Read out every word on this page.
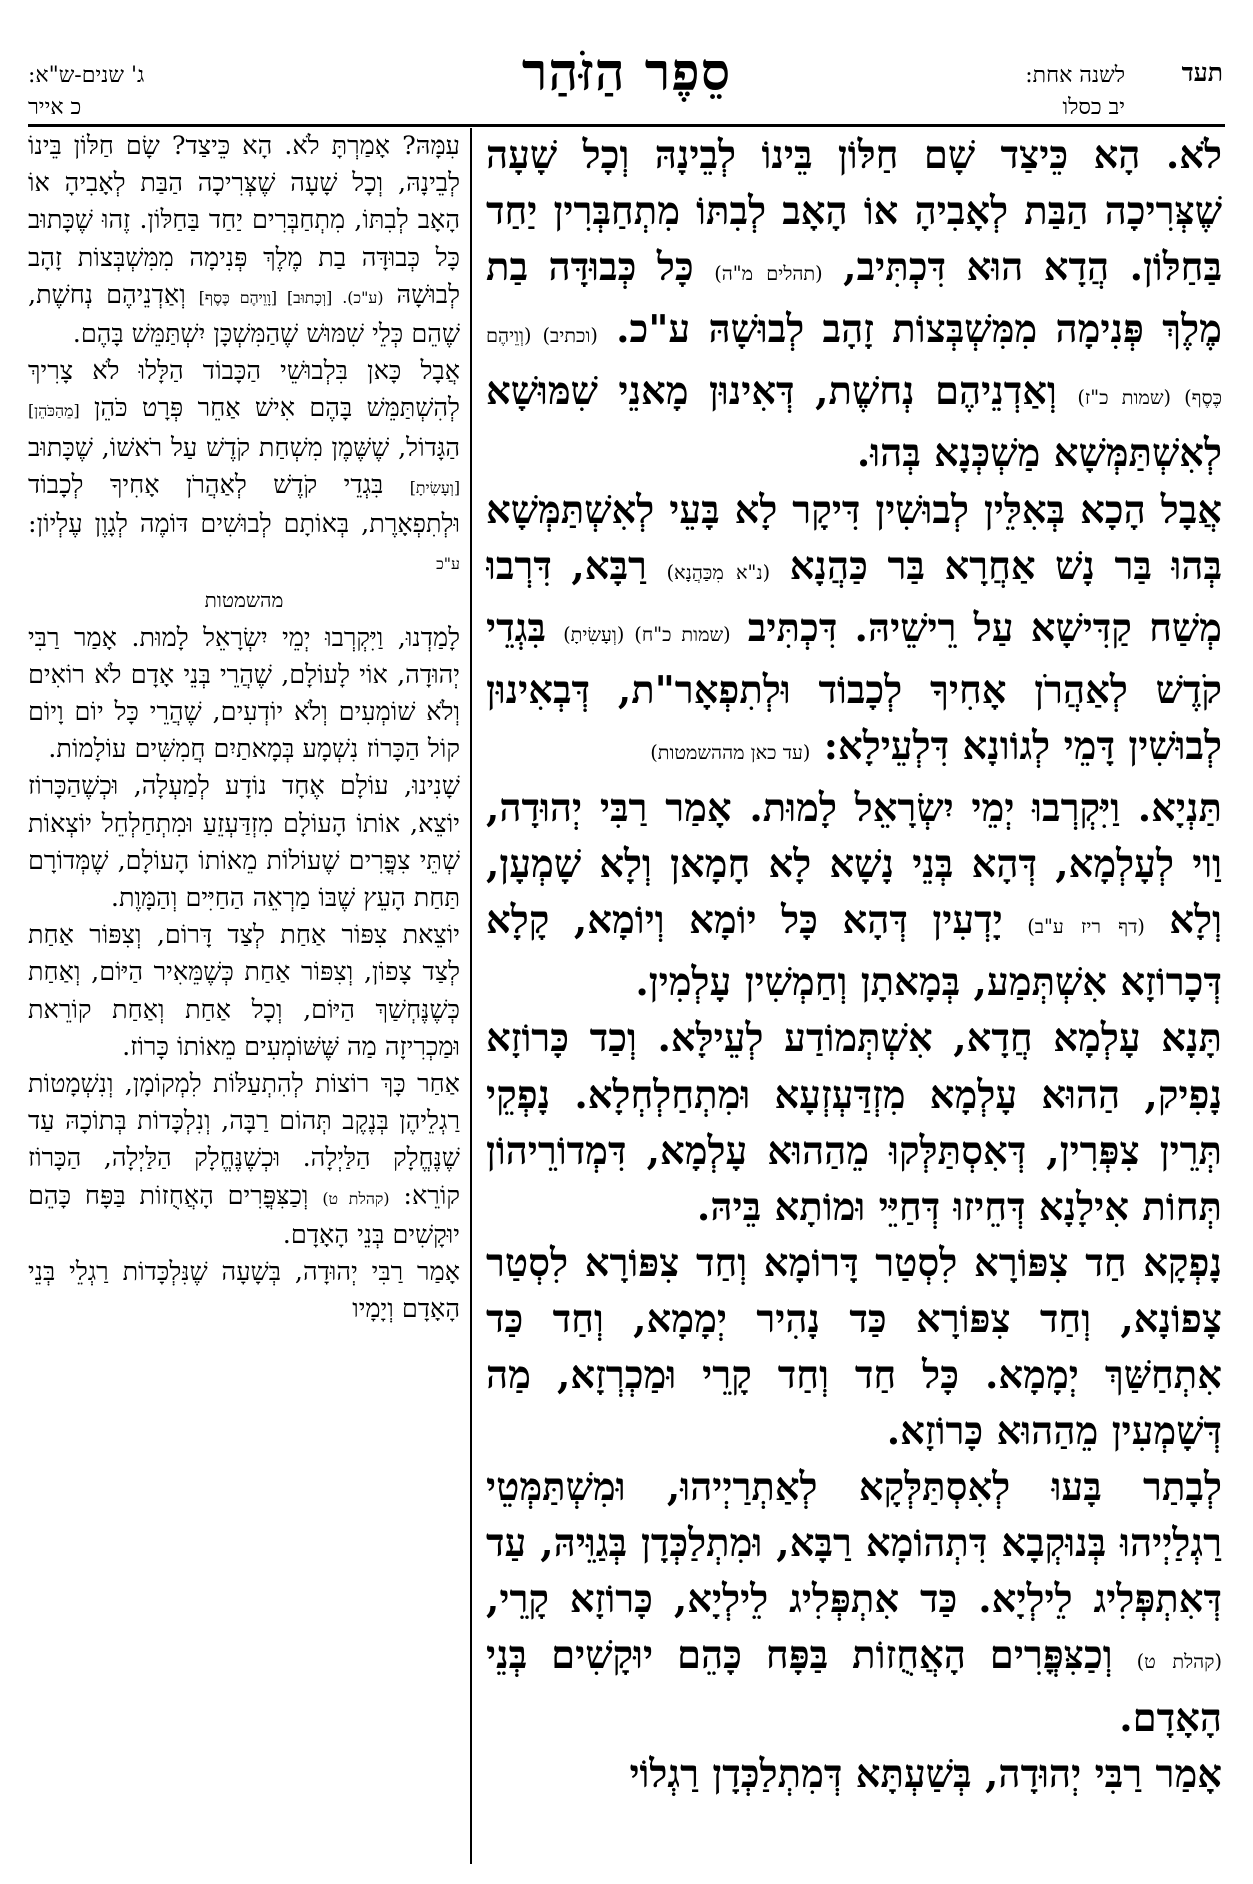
תעד
לשנה אחת:
יב כסלו
סֵפֶר הַזֹּהַר
ג' שנים-ש"א:
כ אייר

לֹא. הָא כֵּיצַד שָׁם חַלּוֹן בֵּינוֹ לְבֵינָהּ וְכָל שָׁעָה שֶׁצְּרִיכָה הַבַּת לְאָבִיהָ אוֹ הָאָב לְבִתּוֹ מִתְחַבְּרִין יַחַד בַּחַלּוֹן. הֲדָא הוּא דִּכְתִּיב, (תהלים מ"ה) כָּל כְּבוּדָּה בַת מֶלֶךְ פְּנִימָה מִמִּשְׁבְּצוֹת זָהָב לְבוּשָׁהּ ע"כ. (וכתיב) (וְוֵיהֶם כֶּסֶף) (שמות כ"ז) וְאַדְנֵיהֶם נְחשֶׁת, דְּאִינוּן מָאנֵי שִׁמּוּשָׁא לְאִשְׁתַּמְּשָׁא מַשְׁכְּנָא בְּהוּ.

אֲבָל הָכָא בְּאִלֵּין לְבוּשִׁין דִּיקָר לָא בָּעֵי לְאִשְׁתַּמְּשָׁא בְּהוּ בַּר נָשׁ אַחֲרָא בַּר כַּהֲנָא (נ"א מִכַּהֲנָא) רַבָּא, דִּרְבוּ מְשַׁח קַדִּישָׁא עַל רֵישֵׁיהּ. דִּכְתִּיב (שמות כ"ח) (וְעָשִׂיתָ) בִּגְדֵי קֹדֶשׁ לְאַהֲרֹן אָחִיךָ לְכָבוֹד וּלְתִפְאָר"ת, דְּבְאִינוּן לְבוּשִׁין דָּמֵי לְגוֹונָא דִּלְעֵילָא: (עד כאן מההשמטות)

תַּנְיָא. וַיִּקְרְבוּ יְמֵי יִשְׂרָאֵל לָמוּת. אָמַר רַבִּי יְהוּדָה, וַוי לְעָלְמָא, דְּהָא בְּנֵי נָשָׁא לָא חָמָאן וְלָא שָׁמְעָן, וְלָא (דף ריז ע"ב) יָדְעִין דְּהָא כָּל יוֹמָא וְיוֹמָא, קָלָא דְּכָרוֹזָא אִשְׁתְּמַע, בְּמָאתָן וְחַמְשִׁין עָלְמִין.

תָּנָא עָלְמָא חֲדָא, אִשְׁתְּמוֹדַע לְעֵילָּא. וְכַד כָּרוֹזָא נָפִיק, הַהוּא עָלְמָא מִזְדַּעְזְעָא וּמִתְחַלְחְלָא. נָפְקֵי תְּרֵין צִפְּרִין, דְּאִסְתַּלְּקוּ מֵהַהוּא עָלְמָא, דִּמְדוֹרֵיהוֹן תְּחוֹת אִילָנָא דְּחֵיזוּ דְּחַיֵּי וּמוֹתָא בֵּיהּ.

נָפְקָא חַד צִפּוֹרָא לִסְטַר דָּרוֹמָא וְחַד צִפּוֹרָא לִסְטַר צָפוֹנָא, וְחַד צִפּוֹרָא כַּד נָהִיר יְמָמָא, וְחַד כַּד אִתְחַשַּׁךְ יְמָמָא. כָּל חַד וְחַד קָרֵי וּמַכְרְזָא, מַה דְּשָׁמְעִין מֵהַהוּא כָּרוֹזָא.

לְבָתַר בָּעוּ לְאִסְתַּלְּקָא לְאַתְרַיְיהוּ, וּמִשְׁתַּמְּטֵי רַגְלַיְיהוּ בְּנוּקְבָא דִּתְהוֹמָא רַבָּא, וּמִתְלַכְּדָן בְּגַוֵּיהּ, עַד דְּאִתְפְּלִיג לֵילְיָא. כַּד אִתְפְּלִיג לֵילְיָא, כָּרוֹזָא קָרֵי, (קהלת ט) וְכַצִּפֳּרִים הָאֲחֻזוֹת בַּפָּח כָּהֵם יוּקָשִׁים בְּנֵי הָאָדָם.

אָמַר רַבִּי יְהוּדָה, בְּשַׁעְתָּא דְּמִתְלַכְּדָן רַגְלוֹי

עִמָּהּ? אָמַרְתָּ לֹא. הָא כֵּיצַד? שָׂם חַלּוֹן בֵּינוֹ לְבֵינָהּ, וְכָל שָׁעָה שֶׁצְּרִיכָה הַבַּת לְאָבִיהָ אוֹ הָאָב לְבִתּוֹ, מִתְחַבְּרִים יַחַד בַּחַלּוֹן. זֶהוּ שֶׁכָּתוּב כָּל כְּבוּדָּה בַת מֶלֶךְ פְּנִימָה מִמִּשְׁבְּצוֹת זָהָב לְבוּשָׁהּ (ע"כ). [וְכָתוּב] [וָוֵיהֶם כֶּסֶף] וְאַדְנֵיהֶם נְחשֶׁת, שֶׁהֵם כְּלֵי שִׁמּוּשׁ שֶׁהַמִּשְׁכָּן יִשְׁתַּמֵּשׁ בָּהֶם.

אֲבָל כָּאן בִּלְבוּשֵׁי הַכָּבוֹד הַלָּלוּ לֹא צָרִיךְ לְהִשְׁתַּמֵּשׁ בָּהֶם אִישׁ אַחֵר פְּרָט כֹּהֵן [מֵהַכֹּהֵן] הַגָּדוֹל, שֶׁשֶּׁמֶן מִשְׁחַת קֹדֶשׁ עַל רֹאשׁוֹ, שֶׁכָּתוּב [וְעָשִׂיתָ] בִּגְדֵי קֹדֶשׁ לְאַהֲרֹן אָחִיךָ לְכָבוֹד וּלְתִפְאָרֶת, בְּאוֹתָם לְבוּשִׁים דּוֹמֶה לְגָוֶן עֶלְיוֹן: ע"כ

מהשמטות

לָמַדְנוּ, וַיִּקְרְבוּ יְמֵי יִשְׂרָאֵל לָמוּת. אָמַר רַבִּי יְהוּדָה, אוֹי לָעוֹלָם, שֶׁהֲרֵי בְּנֵי אָדָם לֹא רוֹאִים וְלֹא שׁוֹמְעִים וְלֹא יוֹדְעִים, שֶׁהֲרֵי כָּל יוֹם וָיוֹם קוֹל הַכָּרוֹז נִשְׁמָע בְּמָאתַיִם חֲמִשִּׁים עוֹלָמוֹת.

שָׁנִינוּ, עוֹלָם אֶחָד נוֹדָע לְמַעְלָה, וּכְשֶׁהַכָּרוֹז יוֹצֵא, אוֹתוֹ הָעוֹלָם מִזְדַּעְזֵעַ וּמִתְחַלְחֵל יוֹצְאוֹת שְׁתֵּי צִפֳּרִים שֶׁעוֹלוֹת מֵאוֹתוֹ הָעוֹלָם, שֶׁמְּדוֹרָם תַּחַת הָעֵץ שֶׁבּוֹ מַרְאֵה הַחַיִּים וְהַמָּוֶת.

יוֹצֵאת צִפּוֹר אַחַת לְצַד דָּרוֹם, וְצִפּוֹר אַחַת לְצַד צָפוֹן, וְצִפּוֹר אַחַת כְּשֶׁמֵּאִיר הַיּוֹם, וְאַחַת כְּשֶׁנֶּחְשַׁךְ הַיּוֹם, וְכָל אַחַת וְאַחַת קוֹרֵאת וּמַכְרִיזָה מַה שֶּׁשּׁוֹמְעִים מֵאוֹתוֹ כָּרוֹז.

אַחַר כָּךְ רוֹצוֹת לְהִתְעַלּוֹת לִמְקוֹמָן, וְנִשְׁמָטוֹת רַגְלֵיהֶן בְּנֶקֶב תְּהוֹם רַבָּה, וְנִלְכָּדוֹת בְּתוֹכָהּ עַד שֶׁנֶּחֱלָק הַלַּיְלָה. וּכְשֶׁנֶּחֱלָק הַלַּיְלָה, הַכָּרוֹז קוֹרֵא: (קהלת ט) וְכַצִּפֳּרִים הָאֲחֻזוֹת בַּפָּח כָּהֵם יוּקָשִׁים בְּנֵי הָאָדָם.

אָמַר רַבִּי יְהוּדָה, בְּשָׁעָה שֶׁנִּלְכָּדוֹת רַגְלֵי בְּנֵי הָאָדָם וְיָמָיו
